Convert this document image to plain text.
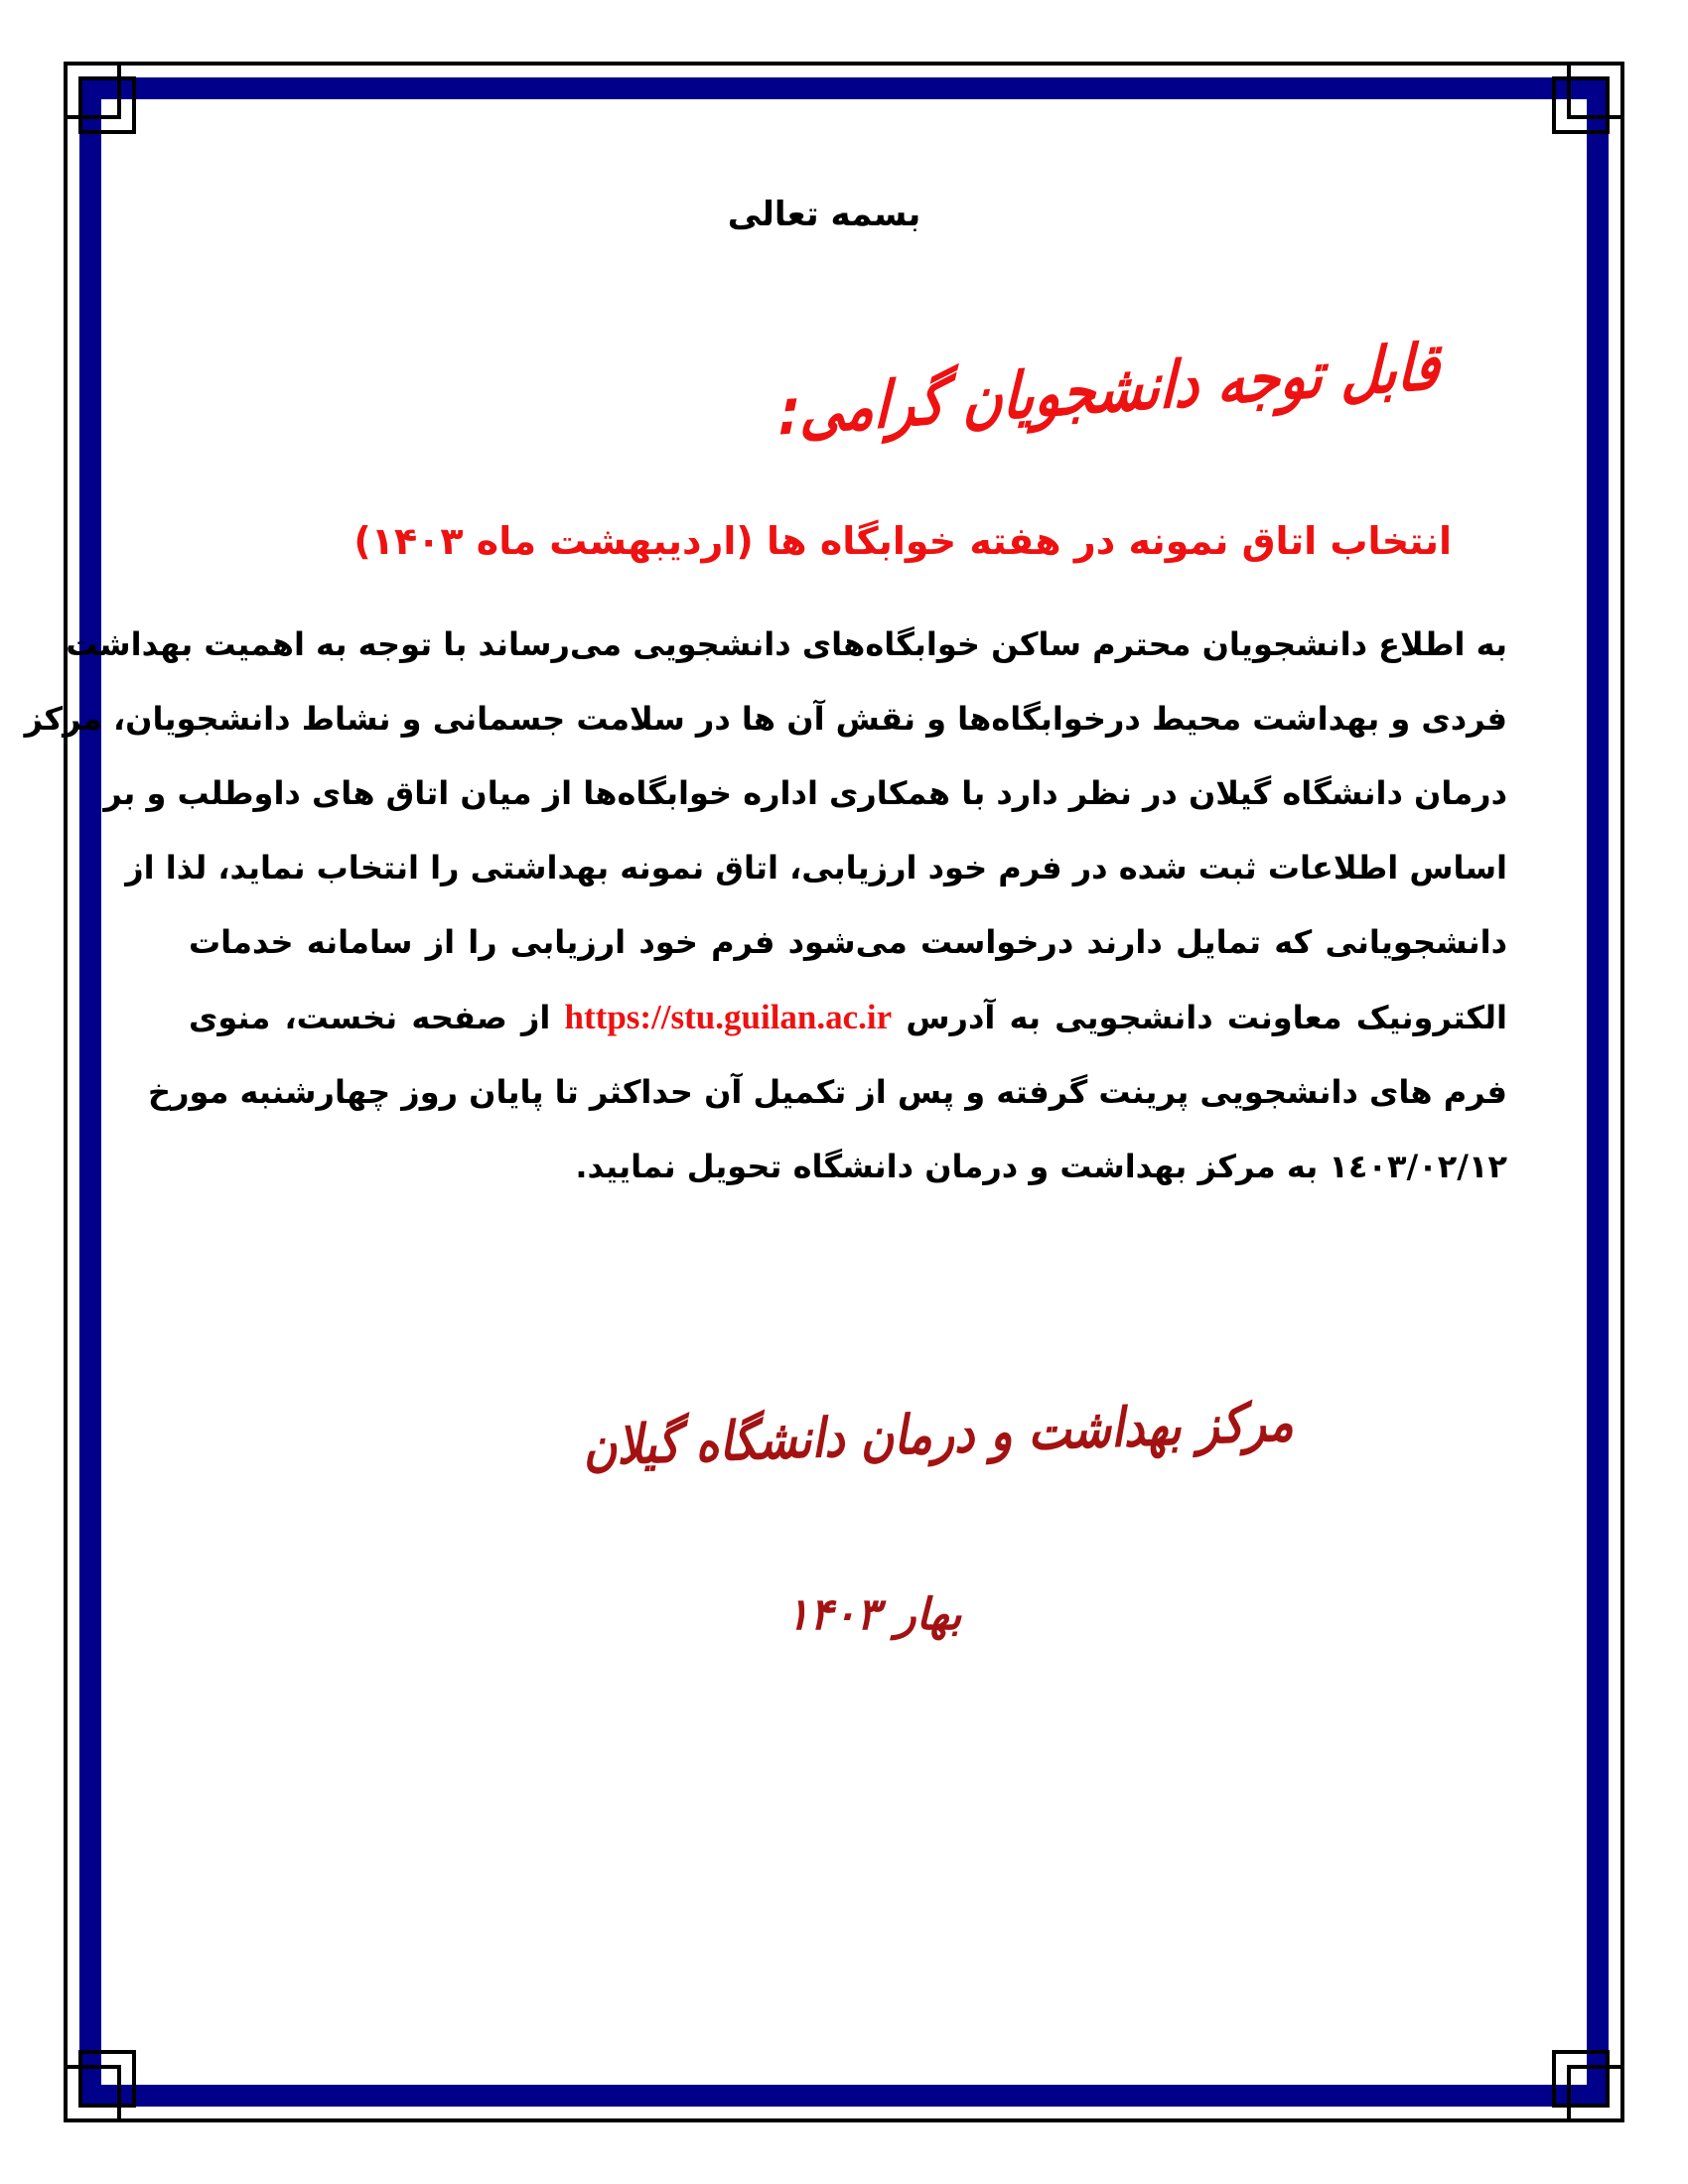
بسمه تعالی
قابل توجه دانشجویان گرامی:
انتخاب اتاق نمونه در هفته خوابگاه ها (اردیبهشت ماه ۱۴۰۳)
به اطلاع دانشجویان محترم ساکن خوابگاه‌های دانشجویی می‌رساند با توجه به اهمیت بهداشت
فردی و بهداشت محیط درخوابگاه‌ها و نقش آن ها در سلامت جسمانی و نشاط دانشجویان، مرکز
درمان دانشگاه گیلان در نظر دارد با همکاری اداره خوابگاه‌ها از میان اتاق های داوطلب و بر
اساس اطلاعات ثبت شده در فرم خود ارزیابی، اتاق نمونه بهداشتی را انتخاب نماید، لذا از
دانشجویانی که تمایل دارند درخواست می‌شود فرم خود ارزیابی را از سامانه خدمات
الکترونیک معاونت دانشجویی به آدرس https://stu.guilan.ac.ir از صفحه نخست، منوی
فرم های دانشجویی پرینت گرفته و پس از تکمیل آن حداکثر تا پایان روز چهارشنبه مورخ
١٤٠٣/٠٢/١٢ به مرکز بهداشت و درمان دانشگاه تحویل نمایید.
مرکز بهداشت و درمان دانشگاه گیلان
بهار ۱۴۰۳
